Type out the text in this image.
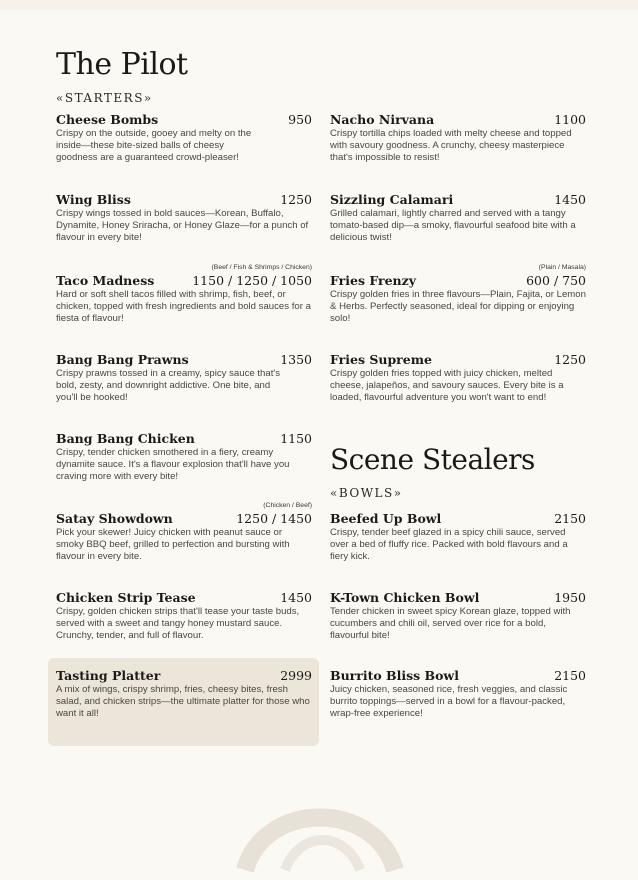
The Pilot
«STARTERS»
Cheese Bombs	950
Crispy on the outside, gooey and melty on the inside—these bite-sized balls of cheesy goodness are a guaranteed crowd-pleaser!
Wing Bliss	1250
Crispy wings tossed in bold sauces—Korean, Buffalo, Dynamite, Honey Sriracha, or Honey Glaze—for a punch of flavour in every bite!
(Beef / Fish & Shrimps / Chicken)
Taco Madness	1150 / 1250 / 1050
Hard or soft shell tacos filled with shrimp, fish, beef, or chicken, topped with fresh ingredients and bold sauces for a fiesta of flavour!
Bang Bang Prawns	1350
Crispy prawns tossed in a creamy, spicy sauce that's bold, zesty, and downright addictive. One bite, and you'll be hooked!
Bang Bang Chicken	1150
Crispy, tender chicken smothered in a fiery, creamy dynamite sauce. It's a flavour explosion that'll have you craving more with every bite!
(Chicken / Beef)
Satay Showdown	1250 / 1450
Pick your skewer! Juicy chicken with peanut sauce or smoky BBQ beef, grilled to perfection and bursting with flavour in every bite.
Chicken Strip Tease	1450
Crispy, golden chicken strips that'll tease your taste buds, served with a sweet and tangy honey mustard sauce. Crunchy, tender, and full of flavour.
Tasting Platter	2999
A mix of wings, crispy shrimp, fries, cheesy bites, fresh salad, and chicken strips—the ultimate platter for those who want it all!
Nacho Nirvana	1100
Crispy tortilla chips loaded with melty cheese and topped with savoury goodness. A crunchy, cheesy masterpiece that's impossible to resist!
Sizzling Calamari	1450
Grilled calamari, lightly charred and served with a tangy tomato-based dip—a smoky, flavourful seafood bite with a delicious twist!
(Plain / Masala)
Fries Frenzy	600 / 750
Crispy golden fries in three flavours—Plain, Fajita, or Lemon & Herbs. Perfectly seasoned, ideal for dipping or enjoying solo!
Fries Supreme	1250
Crispy golden fries topped with juicy chicken, melted cheese, jalapeños, and savoury sauces. Every bite is a loaded, flavourful adventure you won't want to end!
Scene Stealers
«BOWLS»
Beefed Up Bowl	2150
Crispy, tender beef glazed in a spicy chili sauce, served over a bed of fluffy rice. Packed with bold flavours and a fiery kick.
K-Town Chicken Bowl	1950
Tender chicken in sweet spicy Korean glaze, topped with cucumbers and chili oil, served over rice for a bold, flavourful bite!
Burrito Bliss Bowl	2150
Juicy chicken, seasoned rice, fresh veggies, and classic burrito toppings—served in a bowl for a flavour-packed, wrap-free experience!
